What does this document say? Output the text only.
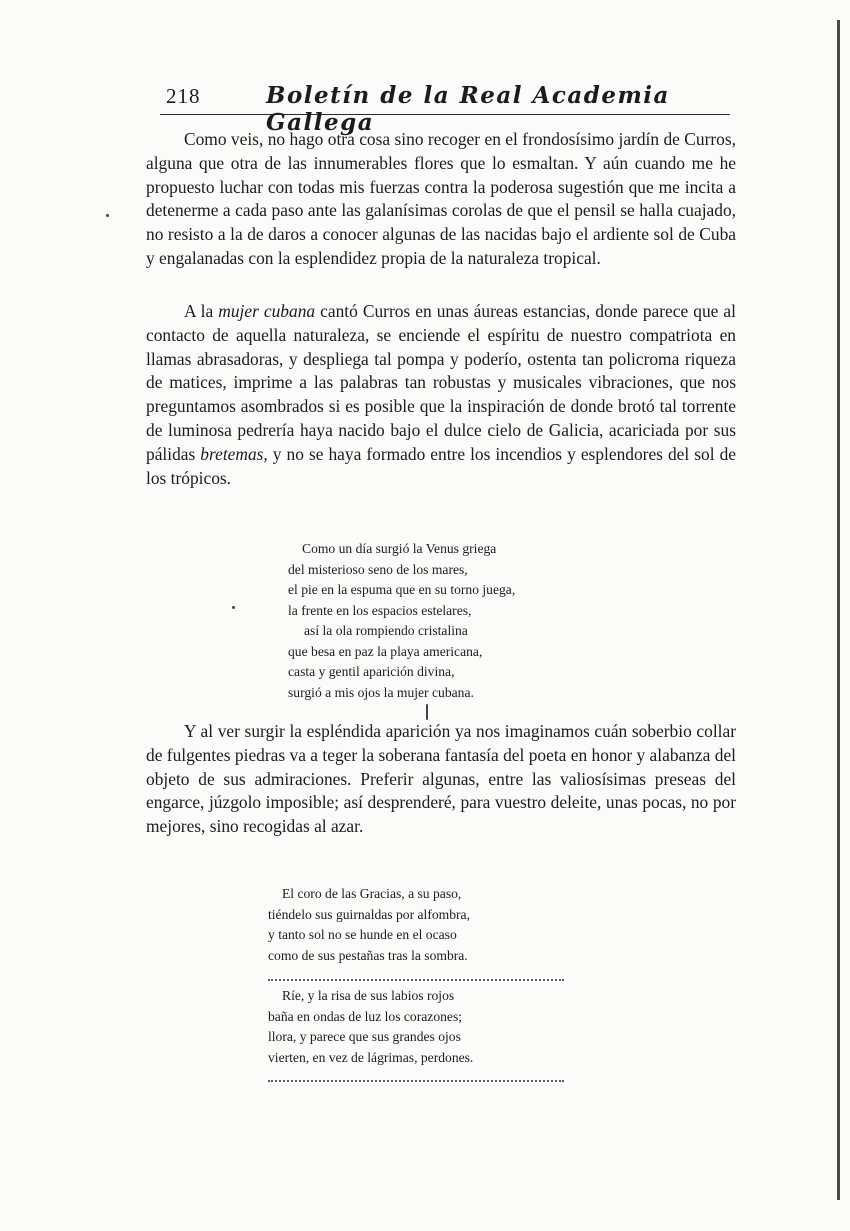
218	Boletín de la Real Academia Gallega

Como veis, no hago otra cosa sino recoger en el frondosísimo jardín de Curros, alguna que otra de las innumerables flores que lo esmaltan. Y aún cuando me he propuesto luchar con todas mis fuerzas contra la poderosa sugestión que me incita a detenerme a cada paso ante las galanísimas corolas de que el pensil se halla cuajado, no resisto a la de daros a conocer algunas de las nacidas bajo el ardiente sol de Cuba y engalanadas con la esplendidez propia de la naturaleza tropical.

A la mujer cubana cantó Curros en unas áureas estancias, donde parece que al contacto de aquella naturaleza, se enciende el espíritu de nuestro compatriota en llamas abrasadoras, y despliega tal pompa y poderío, ostenta tan policroma riqueza de matices, imprime a las palabras tan robustas y musicales vibraciones, que nos preguntamos asombrados si es posible que la inspiración de donde brotó tal torrente de luminosa pedrería haya nacido bajo el dulce cielo de Galicia, acariciada por sus pálidas bretemas, y no se haya formado entre los incendios y esplendores del sol de los trópicos.

Como un día surgió la Venus griega
del misterioso seno de los mares,
el pie en la espuma que en su torno juega,
la frente en los espacios estelares,
así la ola rompiendo cristalina
que besa en paz la playa americana,
casta y gentil aparición divina,
surgió a mis ojos la mujer cubana.

Y al ver surgir la espléndida aparición ya nos imaginamos cuán soberbio collar de fulgentes piedras va a teger la soberana fantasía del poeta en honor y alabanza del objeto de sus admiraciones. Preferir algunas, entre las valiosísimas preseas del engarce, júzgolo imposible; así desprenderé, para vuestro deleite, unas pocas, no por mejores, sino recogidas al azar.

El coro de las Gracias, a su paso,
tiéndelo sus guirnaldas por alfombra,
y tanto sol no se hunde en el ocaso
como de sus pestañas tras la sombra.
Ríe, y la risa de sus labios rojos
baña en ondas de luz los corazones;
llora, y parece que sus grandes ojos
vierten, en vez de lágrimas, perdones.
